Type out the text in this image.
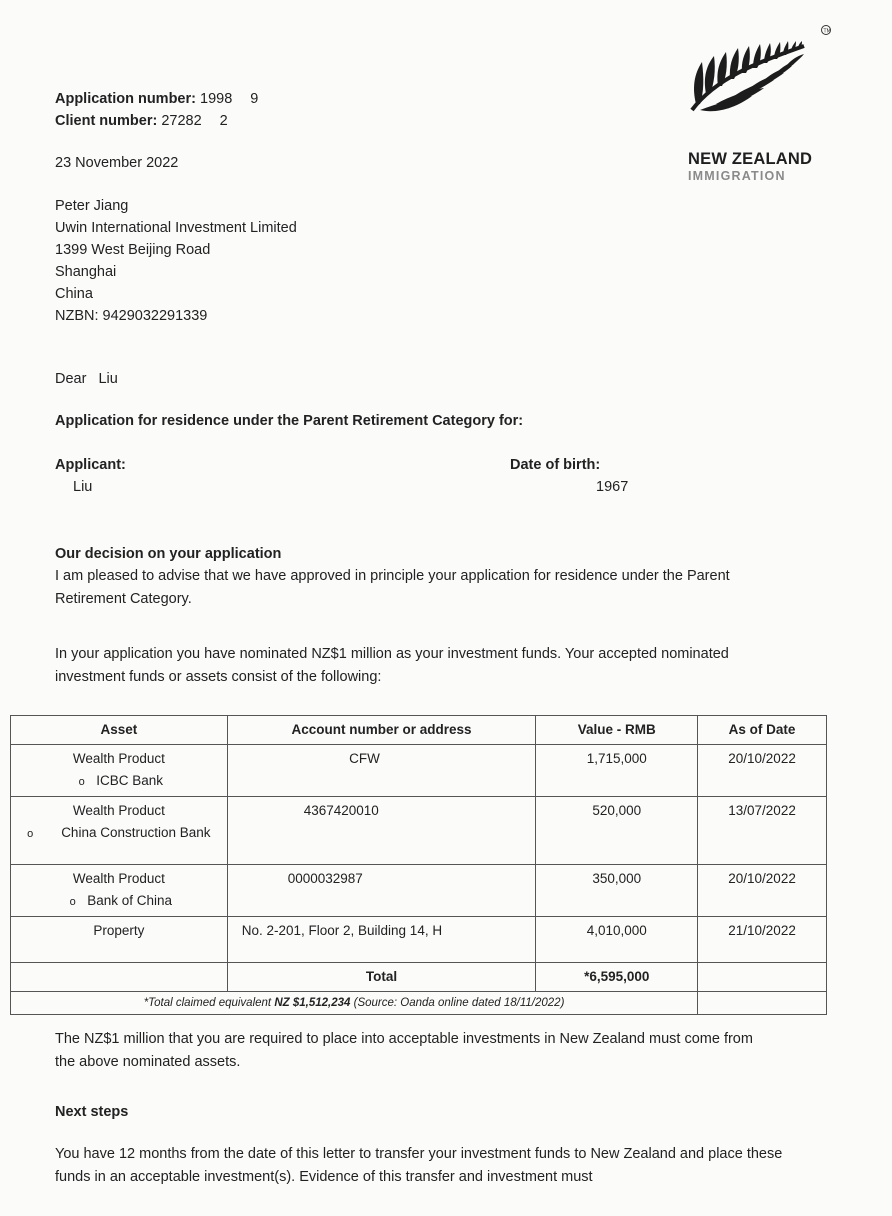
TM
NEW ZEALAND
IMMIGRATION
Application number: 1998 9
Client number: 27282 2
23 November 2022
Peter Jiang
Uwin International Investment Limited
1399 West Beijing Road
Shanghai
China
NZBN: 9429032291339
Dear Liu
Application for residence under the Parent Retirement Category for:
Applicant:
Liu
Date of birth:
1967
Our decision on your application
I am pleased to advise that we have approved in principle your application for residence under the Parent Retirement Category.
In your application you have nominated NZ$1 million as your investment funds. Your accepted nominated investment funds or assets consist of the following:
Asset	Account number or address	Value - RMB	As of Date

Wealth Product
o ICBC Bank	CFW	1,715,000	20/10/2022

Wealth Product
o China Construction Bank	4367420010	520,000	13/07/2022

Wealth Product
o Bank of China	0000032987	350,000	20/10/2022
Property	No. 2-201, Floor 2, Building 14, H	4,010,000	21/10/2022
	Total	*6,595,000	
*Total claimed equivalent NZ $1,512,234 (Source: Oanda online dated 18/11/2022)			
The NZ$1 million that you are required to place into acceptable investments in New Zealand must come from the above nominated assets.
Next steps
You have 12 months from the date of this letter to transfer your investment funds to New Zealand and place these funds in an acceptable investment(s). Evidence of this transfer and investment must
